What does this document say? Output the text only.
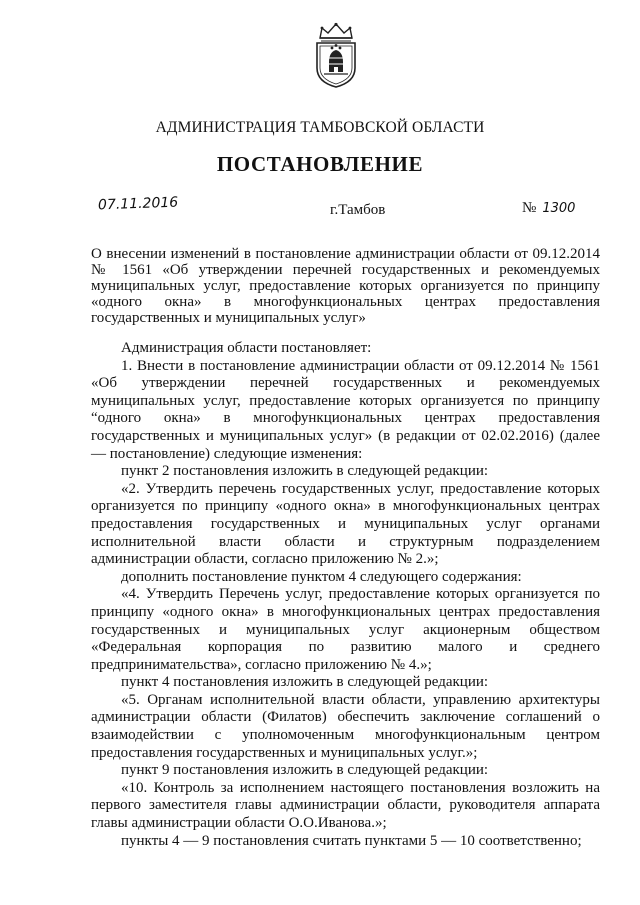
АДМИНИСТРАЦИЯ ТАМБОВСКОЙ ОБЛАСТИ
ПОСТАНОВЛЕНИЕ
07.11.2016	г.Тамбов	№ 1300

О внесении изменений в постановление администрации области от 09.12.2014 № 1561 «Об утверждении перечней государственных и рекомендуемых муниципальных услуг, предоставление которых организуется по принципу «одного окна» в многофункциональных центрах предоставления государственных и муниципальных услуг»

Администрация области постановляет:

1. Внести в постановление администрации области от 09.12.2014 № 1561 «Об утверждении перечней государственных и рекомендуемых муниципальных услуг, предоставление которых организуется по принципу “одного окна» в многофункциональных центрах предоставления государственных и муниципальных услуг» (в редакции от 02.02.2016) (далее — постановление) следующие изменения:

пункт 2 постановления изложить в следующей редакции:

«2. Утвердить перечень государственных услуг, предоставление которых организуется по принципу «одного окна» в многофункциональных центрах предоставления государственных и муниципальных услуг органами исполнительной власти области и структурным подразделением администрации области, согласно приложению № 2.»;

дополнить постановление пунктом 4 следующего содержания:

«4. Утвердить Перечень услуг, предоставление которых организуется по принципу «одного окна» в многофункциональных центрах предоставления государственных и муниципальных услуг акционерным обществом «Федеральная корпорация по развитию малого и среднего предпринимательства», согласно приложению № 4.»;

пункт 4 постановления изложить в следующей редакции:

«5. Органам исполнительной власти области, управлению архитектуры администрации области (Филатов) обеспечить заключение соглашений о взаимодействии с уполномоченным многофункциональным центром предоставления государственных и муниципальных услуг.»;

пункт 9 постановления изложить в следующей редакции:

«10. Контроль за исполнением настоящего постановления возложить на первого заместителя главы администрации области, руководителя аппарата главы администрации области О.О.Иванова.»;

пункты 4 — 9 постановления считать пунктами 5 — 10 соответственно;
